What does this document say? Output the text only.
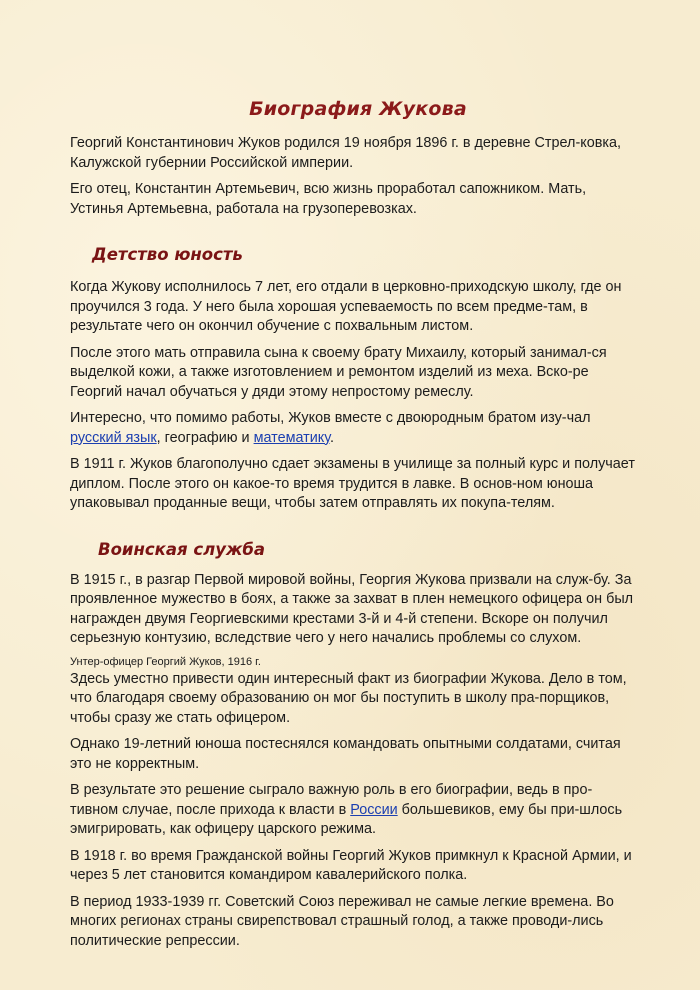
Биография Жукова

Георгий Константинович Жуков родился 19 ноября 1896 г. в деревне Стрел-ковка, Калужской губернии Российской империи.

Его отец, Константин Артемьевич, всю жизнь проработал сапожником. Мать, Устинья Артемьевна, работала на грузоперевозках.

Детство юность

Когда Жукову исполнилось 7 лет, его отдали в церковно-приходскую школу, где он проучился 3 года. У него была хорошая успеваемость по всем предме-там, в результате чего он окончил обучение с похвальным листом.

После этого мать отправила сына к своему брату Михаилу, который занимал-ся выделкой кожи, а также изготовлением и ремонтом изделий из меха. Вско-ре Георгий начал обучаться у дяди этому непростому ремеслу.

Интересно, что помимо работы, Жуков вместе с двоюродным братом изу-чал русский язык, географию и математику.

В 1911 г. Жуков благополучно сдает экзамены в училище за полный курс и получает диплом. После этого он какое-то время трудится в лавке. В основ-ном юноша упаковывал проданные вещи, чтобы затем отправлять их покупа-телям.

Воинская служба

В 1915 г., в разгар Первой мировой войны, Георгия Жукова призвали на служ-бу. За проявленное мужество в боях, а также за захват в плен немецкого офицера он был награжден двумя Георгиевскими крестами 3-й и 4-й степени. Вскоре он получил серьезную контузию, вследствие чего у него начались проблемы со слухом.

Унтер-офицер Георгий Жуков, 1916 г.

Здесь уместно привести один интересный факт из биографии Жукова. Дело в том, что благодаря своему образованию он мог бы поступить в школу пра-порщиков, чтобы сразу же стать офицером.

Однако 19-летний юноша постеснялся командовать опытными солдатами, считая это не корректным.

В результате это решение сыграло важную роль в его биографии, ведь в про-тивном случае, после прихода к власти в России большевиков, ему бы при-шлось эмигрировать, как офицеру царского режима.

В 1918 г. во время Гражданской войны Георгий Жуков примкнул к Красной Армии, и через 5 лет становится командиром кавалерийского полка.

В период 1933-1939 гг. Советский Союз переживал не самые легкие времена. Во многих регионах страны свирепствовал страшный голод, а также проводи-лись политические репрессии.
